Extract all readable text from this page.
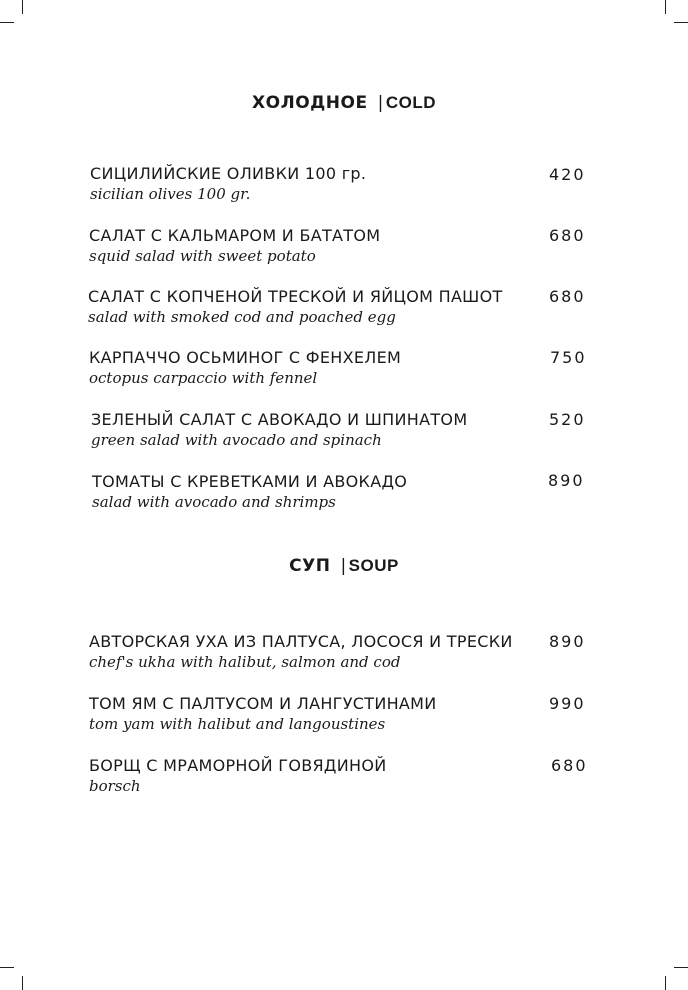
ХОЛОДНОЕ | COLD
СИЦИЛИЙСКИЕ ОЛИВКИ 100 гр.
sicilian olives 100 gr.
420
САЛАТ С КАЛЬМАРОМ И БАТАТОМ
squid salad with sweet potato
680
САЛАТ С КОПЧЕНОЙ ТРЕСКОЙ И ЯЙЦОМ ПАШОТ
salad with smoked cod and poached egg
680
КАРПАЧЧО ОСЬМИНОГ С ФЕНХЕЛЕМ
octopus carpaccio with fennel
750
ЗЕЛЕНЫЙ САЛАТ С АВОКАДО И ШПИНАТОМ
green salad with avocado and spinach
520
ТОМАТЫ С КРЕВЕТКАМИ И АВОКАДО
salad with avocado and shrimps
890
СУП | SOUP
АВТОРСКАЯ УХА ИЗ ПАЛТУСА, ЛОСОСЯ И ТРЕСКИ
chef's ukha with halibut, salmon and cod
890
ТОМ ЯМ С ПАЛТУСОМ И ЛАНГУСТИНАМИ
tom yam with halibut and langoustines
990
БОРЩ С МРАМОРНОЙ ГОВЯДИНОЙ
borsch
680
